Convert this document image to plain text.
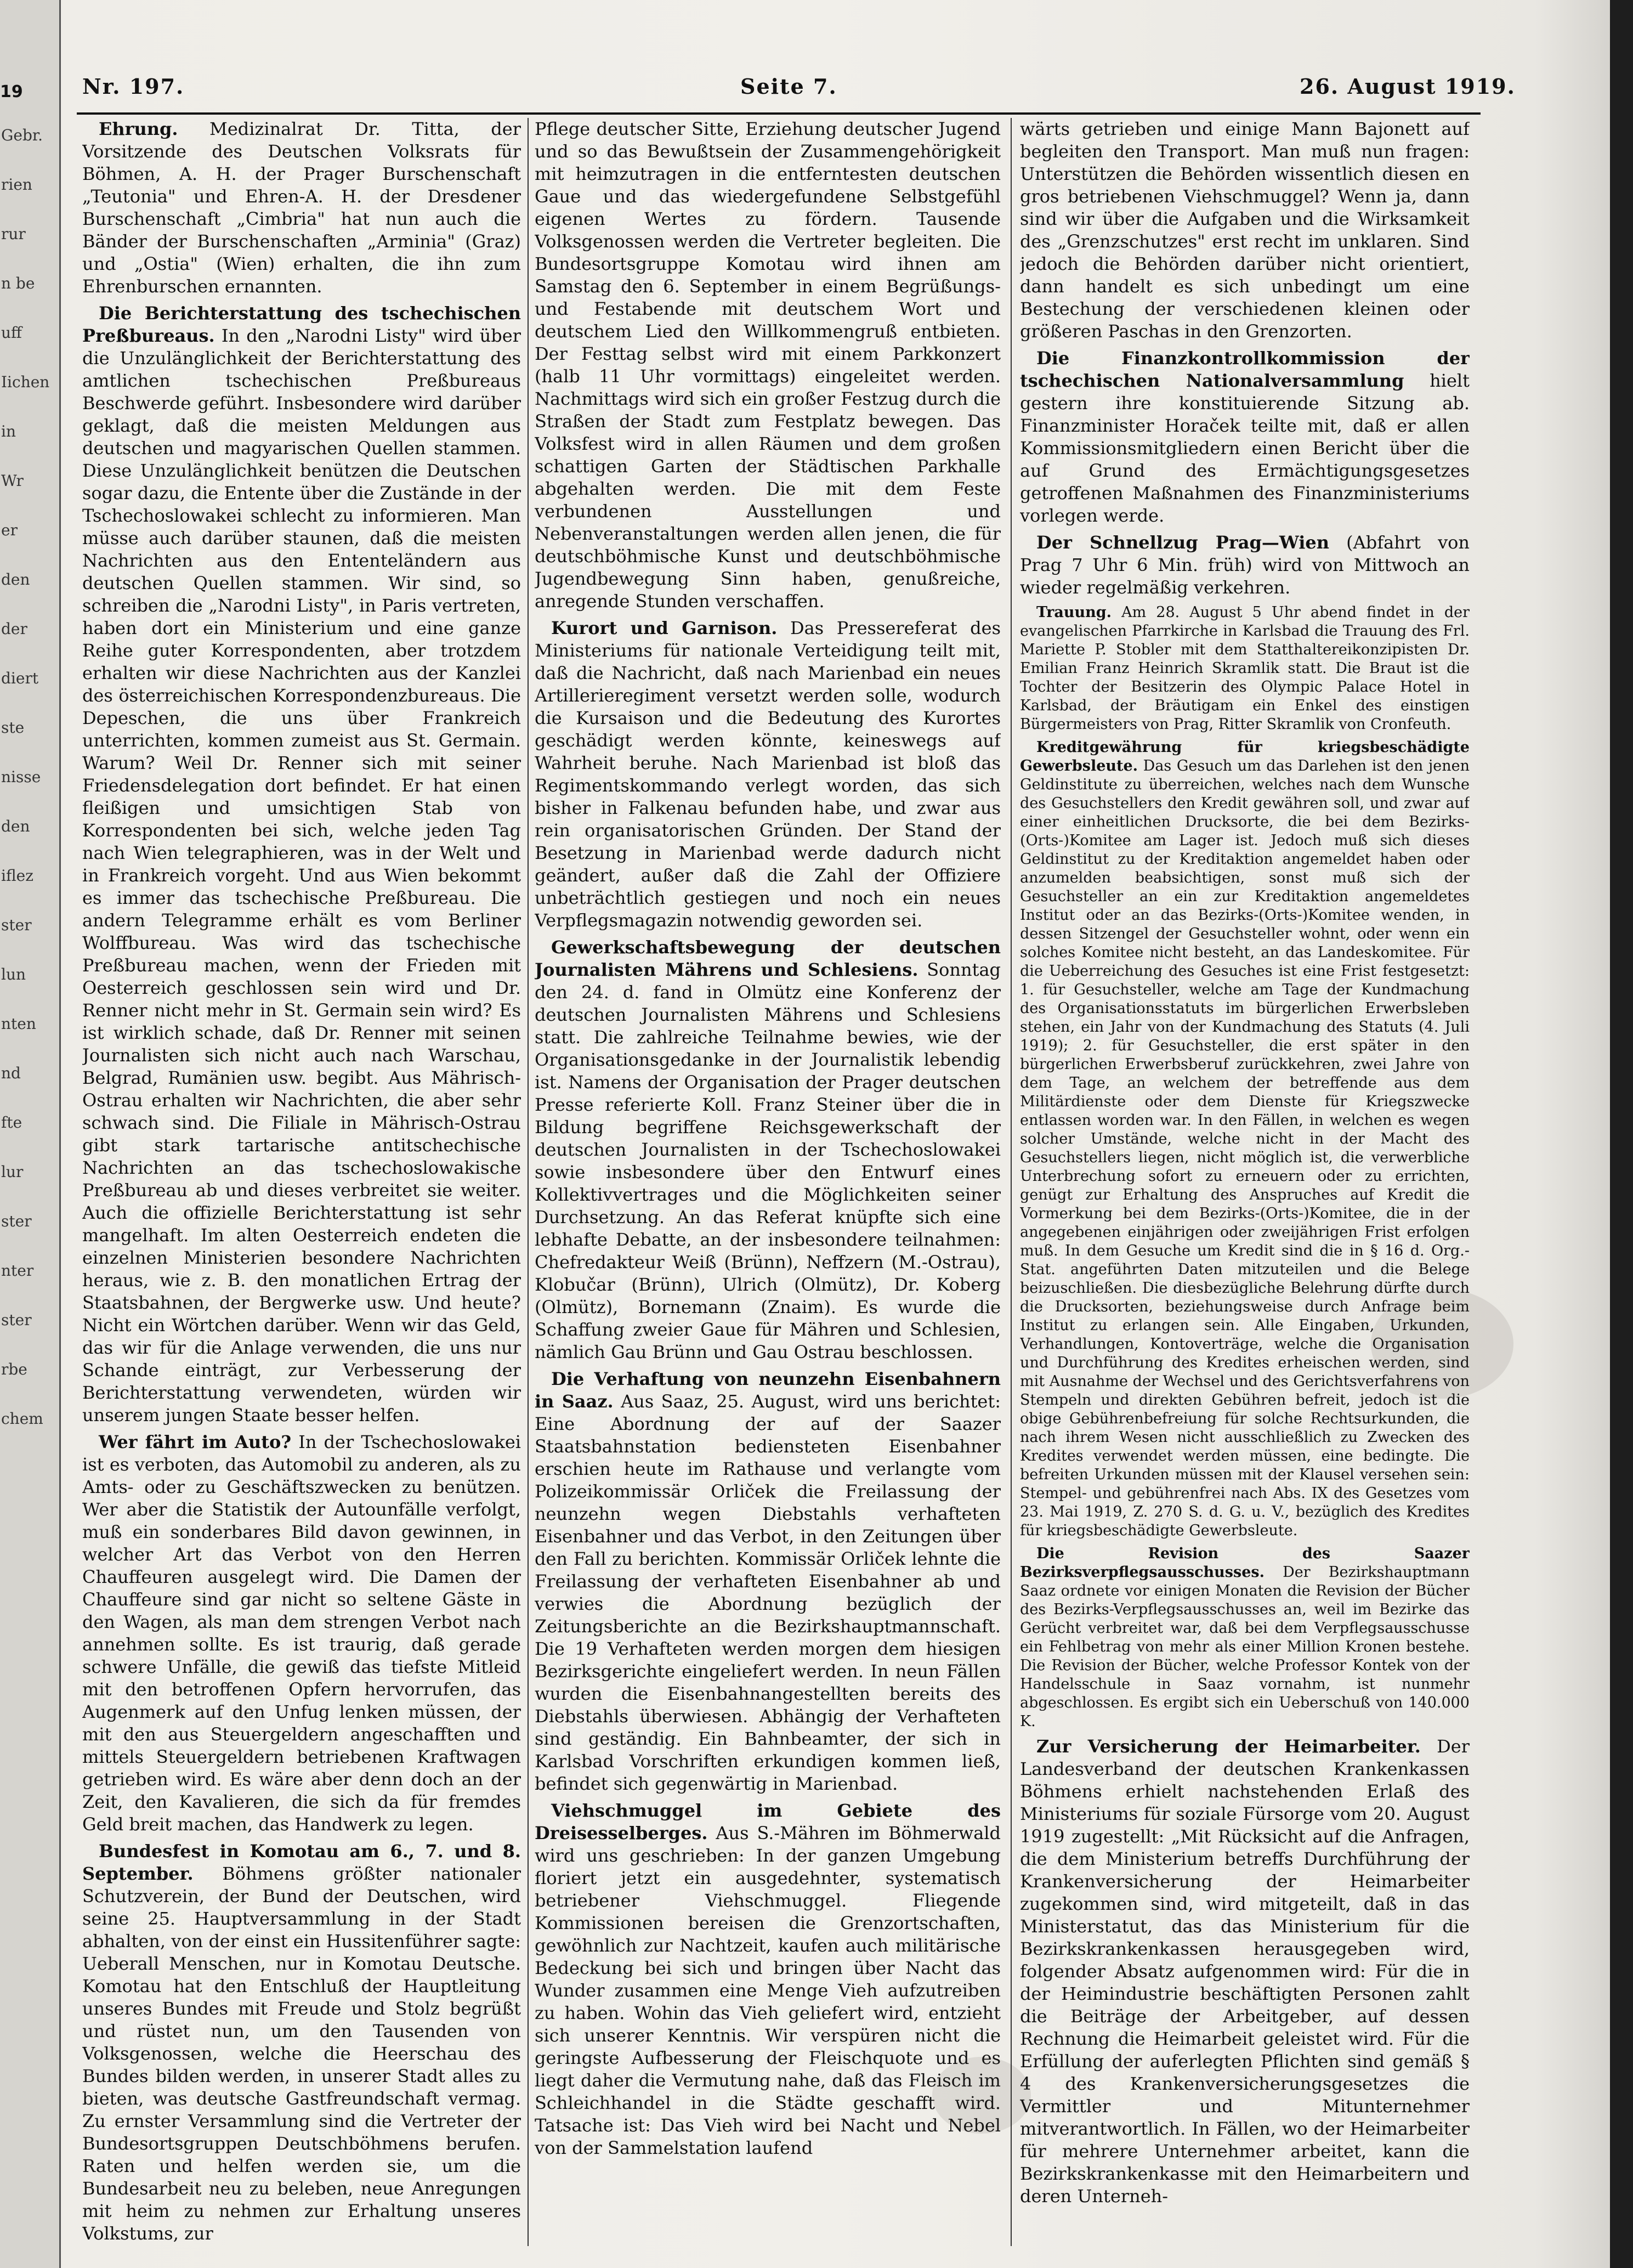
19
Gebr.
rien
rur
n be
uff
Iichen
in
Wr
er
den
der
diert
ste
nisse
den
iflez
ster
lun
nten
nd
fte
lur
ster
nter
ster
rbe
chem
Nr. 197.	Seite 7.	26. August 1919.

Ehrung. Medizinalrat Dr. Titta, der Vorsitzende des Deutschen Volksrats für Böhmen, A. H. der Prager Burschenschaft „Teutonia" und Ehren-A. H. der Dresdener Burschenschaft „Cimbria" hat nun auch die Bänder der Burschenschaften „Arminia" (Graz) und „Ostia" (Wien) erhalten, die ihn zum Ehrenburschen ernannten.

Die Berichterstattung des tschechischen Preßbureaus. In den „Narodni Listy" wird über die Unzulänglichkeit der Berichterstattung des amtlichen tschechischen Preßbureaus Beschwerde geführt. Insbesondere wird darüber geklagt, daß die meisten Meldungen aus deutschen und magyarischen Quellen stammen. Diese Unzulänglichkeit benützen die Deutschen sogar dazu, die Entente über die Zustände in der Tschechoslowakei schlecht zu informieren. Man müsse auch darüber staunen, daß die meisten Nachrichten aus den Ententeländern aus deutschen Quellen stammen. Wir sind, so schreiben die „Narodni Listy", in Paris vertreten, haben dort ein Ministerium und eine ganze Reihe guter Korrespondenten, aber trotzdem erhalten wir diese Nachrichten aus der Kanzlei des österreichischen Korrespondenzbureaus. Die Depeschen, die uns über Frankreich unterrichten, kommen zumeist aus St. Germain. Warum? Weil Dr. Renner sich mit seiner Friedensdelegation dort befindet. Er hat einen fleißigen und umsichtigen Stab von Korrespondenten bei sich, welche jeden Tag nach Wien telegraphieren, was in der Welt und in Frankreich vorgeht. Und aus Wien bekommt es immer das tschechische Preßbureau. Die andern Telegramme erhält es vom Berliner Wolffbureau. Was wird das tschechische Preßbureau machen, wenn der Frieden mit Oesterreich geschlossen sein wird und Dr. Renner nicht mehr in St. Germain sein wird? Es ist wirklich schade, daß Dr. Renner mit seinen Journalisten sich nicht auch nach Warschau, Belgrad, Rumänien usw. begibt. Aus Mährisch-Ostrau erhalten wir Nachrichten, die aber sehr schwach sind. Die Filiale in Mährisch-Ostrau gibt stark tartarische antitschechische Nachrichten an das tschechoslowakische Preßbureau ab und dieses verbreitet sie weiter. Auch die offizielle Berichterstattung ist sehr mangelhaft. Im alten Oesterreich endeten die einzelnen Ministerien besondere Nachrichten heraus, wie z. B. den monatlichen Ertrag der Staatsbahnen, der Bergwerke usw. Und heute? Nicht ein Wörtchen darüber. Wenn wir das Geld, das wir für die Anlage verwenden, die uns nur Schande einträgt, zur Verbesserung der Berichterstattung verwendeten, würden wir unserem jungen Staate besser helfen.

Wer fährt im Auto? In der Tschechoslowakei ist es verboten, das Automobil zu anderen, als zu Amts- oder zu Geschäftszwecken zu benützen. Wer aber die Statistik der Autounfälle verfolgt, muß ein sonderbares Bild davon gewinnen, in welcher Art das Verbot von den Herren Chauffeuren ausgelegt wird. Die Damen der Chauffeure sind gar nicht so seltene Gäste in den Wagen, als man dem strengen Verbot nach annehmen sollte. Es ist traurig, daß gerade schwere Unfälle, die gewiß das tiefste Mitleid mit den betroffenen Opfern hervorrufen, das Augenmerk auf den Unfug lenken müssen, der mit den aus Steuergeldern angeschafften und mittels Steuergeldern betriebenen Kraftwagen getrieben wird. Es wäre aber denn doch an der Zeit, den Kavalieren, die sich da für fremdes Geld breit machen, das Handwerk zu legen.

Bundesfest in Komotau am 6., 7. und 8. September. Böhmens größter nationaler Schutzverein, der Bund der Deutschen, wird seine 25. Hauptversammlung in der Stadt abhalten, von der einst ein Hussitenführer sagte: Ueberall Menschen, nur in Komotau Deutsche. Komotau hat den Entschluß der Hauptleitung unseres Bundes mit Freude und Stolz begrüßt und rüstet nun, um den Tausenden von Volksgenossen, welche die Heerschau des Bundes bilden werden, in unserer Stadt alles zu bieten, was deutsche Gastfreundschaft vermag. Zu ernster Versammlung sind die Vertreter der Bundesortsgruppen Deutschböhmens berufen. Raten und helfen werden sie, um die Bundesarbeit neu zu beleben, neue Anregungen mit heim zu nehmen zur Erhaltung unseres Volkstums, zur

Pflege deutscher Sitte, Erziehung deutscher Jugend und so das Bewußtsein der Zusammengehörigkeit mit heimzutragen in die entferntesten deutschen Gaue und das wiedergefundene Selbstgefühl eigenen Wertes zu fördern. Tausende Volksgenossen werden die Vertreter begleiten. Die Bundesortsgruppe Komotau wird ihnen am Samstag den 6. September in einem Begrüßungs- und Festabende mit deutschem Wort und deutschem Lied den Willkommengruß entbieten. Der Festtag selbst wird mit einem Parkkonzert (halb 11 Uhr vormittags) eingeleitet werden. Nachmittags wird sich ein großer Festzug durch die Straßen der Stadt zum Festplatz bewegen. Das Volksfest wird in allen Räumen und dem großen schattigen Garten der Städtischen Parkhalle abgehalten werden. Die mit dem Feste verbundenen Ausstellungen und Nebenveranstaltungen werden allen jenen, die für deutschböhmische Kunst und deutschböhmische Jugendbewegung Sinn haben, genußreiche, anregende Stunden verschaffen.

Kurort und Garnison. Das Pressereferat des Ministeriums für nationale Verteidigung teilt mit, daß die Nachricht, daß nach Marienbad ein neues Artillerieregiment versetzt werden solle, wodurch die Kursaison und die Bedeutung des Kurortes geschädigt werden könnte, keineswegs auf Wahrheit beruhe. Nach Marienbad ist bloß das Regimentskommando verlegt worden, das sich bisher in Falkenau befunden habe, und zwar aus rein organisatorischen Gründen. Der Stand der Besetzung in Marienbad werde dadurch nicht geändert, außer daß die Zahl der Offiziere unbeträchtlich gestiegen und noch ein neues Verpflegsmagazin notwendig geworden sei.

Gewerkschaftsbewegung der deutschen Journalisten Mährens und Schlesiens. Sonntag den 24. d. fand in Olmütz eine Konferenz der deutschen Journalisten Mährens und Schlesiens statt. Die zahlreiche Teilnahme bewies, wie der Organisationsgedanke in der Journalistik lebendig ist. Namens der Organisation der Prager deutschen Presse referierte Koll. Franz Steiner über die in Bildung begriffene Reichsgewerkschaft der deutschen Journalisten in der Tschechoslowakei sowie insbesondere über den Entwurf eines Kollektivvertrages und die Möglichkeiten seiner Durchsetzung. An das Referat knüpfte sich eine lebhafte Debatte, an der insbesondere teilnahmen: Chefredakteur Weiß (Brünn), Neffzern (M.-Ostrau), Klobučar (Brünn), Ulrich (Olmütz), Dr. Koberg (Olmütz), Bornemann (Znaim). Es wurde die Schaffung zweier Gaue für Mähren und Schlesien, nämlich Gau Brünn und Gau Ostrau beschlossen.

Die Verhaftung von neunzehn Eisenbahnern in Saaz. Aus Saaz, 25. August, wird uns berichtet: Eine Abordnung der auf der Saazer Staatsbahnstation bediensteten Eisenbahner erschien heute im Rathause und verlangte vom Polizeikommissär Orliček die Freilassung der neunzehn wegen Diebstahls verhafteten Eisenbahner und das Verbot, in den Zeitungen über den Fall zu berichten. Kommissär Orliček lehnte die Freilassung der verhafteten Eisenbahner ab und verwies die Abordnung bezüglich der Zeitungsberichte an die Bezirkshauptmannschaft. Die 19 Verhafteten werden morgen dem hiesigen Bezirksgerichte eingeliefert werden. In neun Fällen wurden die Eisenbahnangestellten bereits des Diebstahls überwiesen. Abhängig der Verhafteten sind geständig. Ein Bahnbeamter, der sich in Karlsbad Vorschriften erkundigen kommen ließ, befindet sich gegenwärtig in Marienbad.

Viehschmuggel im Gebiete des Dreisesselberges. Aus S.-Mähren im Böhmerwald wird uns geschrieben: In der ganzen Umgebung floriert jetzt ein ausgedehnter, systematisch betriebener Viehschmuggel. Fliegende Kommissionen bereisen die Grenzortschaften, gewöhnlich zur Nachtzeit, kaufen auch militärische Bedeckung bei sich und bringen über Nacht das Wunder zusammen eine Menge Vieh aufzutreiben zu haben. Wohin das Vieh geliefert wird, entzieht sich unserer Kenntnis. Wir verspüren nicht die geringste Aufbesserung der Fleischquote und es liegt daher die Vermutung nahe, daß das Fleisch im Schleichhandel in die Städte geschafft wird. Tatsache ist: Das Vieh wird bei Nacht und Nebel von der Sammelstation laufend

wärts getrieben und einige Mann Bajonett auf begleiten den Transport. Man muß nun fragen: Unterstützen die Behörden wissentlich diesen en gros betriebenen Viehschmuggel? Wenn ja, dann sind wir über die Aufgaben und die Wirksamkeit des „Grenzschutzes" erst recht im unklaren. Sind jedoch die Behörden darüber nicht orientiert, dann handelt es sich unbedingt um eine Bestechung der verschiedenen kleinen oder größeren Paschas in den Grenzorten.

Die Finanzkontrollkommission der tschechischen Nationalversammlung hielt gestern ihre konstituierende Sitzung ab. Finanzminister Horaček teilte mit, daß er allen Kommissionsmitgliedern einen Bericht über die auf Grund des Ermächtigungsgesetzes getroffenen Maßnahmen des Finanzministeriums vorlegen werde.

Der Schnellzug Prag—Wien (Abfahrt von Prag 7 Uhr 6 Min. früh) wird von Mittwoch an wieder regelmäßig verkehren.

Trauung. Am 28. August 5 Uhr abend findet in der evangelischen Pfarrkirche in Karlsbad die Trauung des Frl. Mariette P. Stobler mit dem Statthaltereikonzipisten Dr. Emilian Franz Heinrich Skramlik statt. Die Braut ist die Tochter der Besitzerin des Olympic Palace Hotel in Karlsbad, der Bräutigam ein Enkel des einstigen Bürgermeisters von Prag, Ritter Skramlik von Cronfeuth.

Kreditgewährung für kriegsbeschädigte Gewerbsleute. Das Gesuch um das Darlehen ist den jenen Geldinstitute zu überreichen, welches nach dem Wunsche des Gesuchstellers den Kredit gewähren soll, und zwar auf einer einheitlichen Drucksorte, die bei dem Bezirks-(Orts-)Komitee am Lager ist. Jedoch muß sich dieses Geldinstitut zu der Kreditaktion angemeldet haben oder anzumelden beabsichtigen, sonst muß sich der Gesuchsteller an ein zur Kreditaktion angemeldetes Institut oder an das Bezirks-(Orts-)Komitee wenden, in dessen Sitzengel der Gesuchsteller wohnt, oder wenn ein solches Komitee nicht besteht, an das Landeskomitee. Für die Ueberreichung des Gesuches ist eine Frist festgesetzt: 1. für Gesuchsteller, welche am Tage der Kundmachung des Organisationsstatuts im bürgerlichen Erwerbsleben stehen, ein Jahr von der Kundmachung des Statuts (4. Juli 1919); 2. für Gesuchsteller, die erst später in den bürgerlichen Erwerbsberuf zurückkehren, zwei Jahre von dem Tage, an welchem der betreffende aus dem Militärdienste oder dem Dienste für Kriegszwecke entlassen worden war. In den Fällen, in welchen es wegen solcher Umstände, welche nicht in der Macht des Gesuchstellers liegen, nicht möglich ist, die verwerbliche Unterbrechung sofort zu erneuern oder zu errichten, genügt zur Erhaltung des Anspruches auf Kredit die Vormerkung bei dem Bezirks-(Orts-)Komitee, die in der angegebenen einjährigen oder zweijährigen Frist erfolgen muß. In dem Gesuche um Kredit sind die in § 16 d. Org.-Stat. angeführten Daten mitzuteilen und die Belege beizuschließen. Die diesbezügliche Belehrung dürfte durch die Drucksorten, beziehungsweise durch Anfrage beim Institut zu erlangen sein. Alle Eingaben, Urkunden, Verhandlungen, Kontoverträge, welche die Organisation und Durchführung des Kredites erheischen werden, sind mit Ausnahme der Wechsel und des Gerichtsverfahrens von Stempeln und direkten Gebühren befreit, jedoch ist die obige Gebührenbefreiung für solche Rechtsurkunden, die nach ihrem Wesen nicht ausschließlich zu Zwecken des Kredites verwendet werden müssen, eine bedingte. Die befreiten Urkunden müssen mit der Klausel versehen sein: Stempel- und gebührenfrei nach Abs. IX des Gesetzes vom 23. Mai 1919, Z. 270 S. d. G. u. V., bezüglich des Kredites für kriegsbeschädigte Gewerbsleute.

Die Revision des Saazer Bezirksverpflegsausschusses. Der Bezirkshauptmann Saaz ordnete vor einigen Monaten die Revision der Bücher des Bezirks-Verpflegsausschusses an, weil im Bezirke das Gerücht verbreitet war, daß bei dem Verpflegsausschusse ein Fehlbetrag von mehr als einer Million Kronen bestehe. Die Revision der Bücher, welche Professor Kontek von der Handelsschule in Saaz vornahm, ist nunmehr abgeschlossen. Es ergibt sich ein Ueberschuß von 140.000 K.

Zur Versicherung der Heimarbeiter. Der Landesverband der deutschen Krankenkassen Böhmens erhielt nachstehenden Erlaß des Ministeriums für soziale Fürsorge vom 20. August 1919 zugestellt: „Mit Rücksicht auf die Anfragen, die dem Ministerium betreffs Durchführung der Krankenversicherung der Heimarbeiter zugekommen sind, wird mitgeteilt, daß in das Ministerstatut, das das Ministerium für die Bezirkskrankenkassen herausgegeben wird, folgender Absatz aufgenommen wird: Für die in der Heimindustrie beschäftigten Personen zahlt die Beiträge der Arbeitgeber, auf dessen Rechnung die Heimarbeit geleistet wird. Für die Erfüllung der auferlegten Pflichten sind gemäß § 4 des Krankenversicherungsgesetzes die Vermittler und Mitunternehmer mitverantwortlich. In Fällen, wo der Heimarbeiter für mehrere Unternehmer arbeitet, kann die Bezirkskrankenkasse mit den Heimarbeitern und deren Unterneh-
